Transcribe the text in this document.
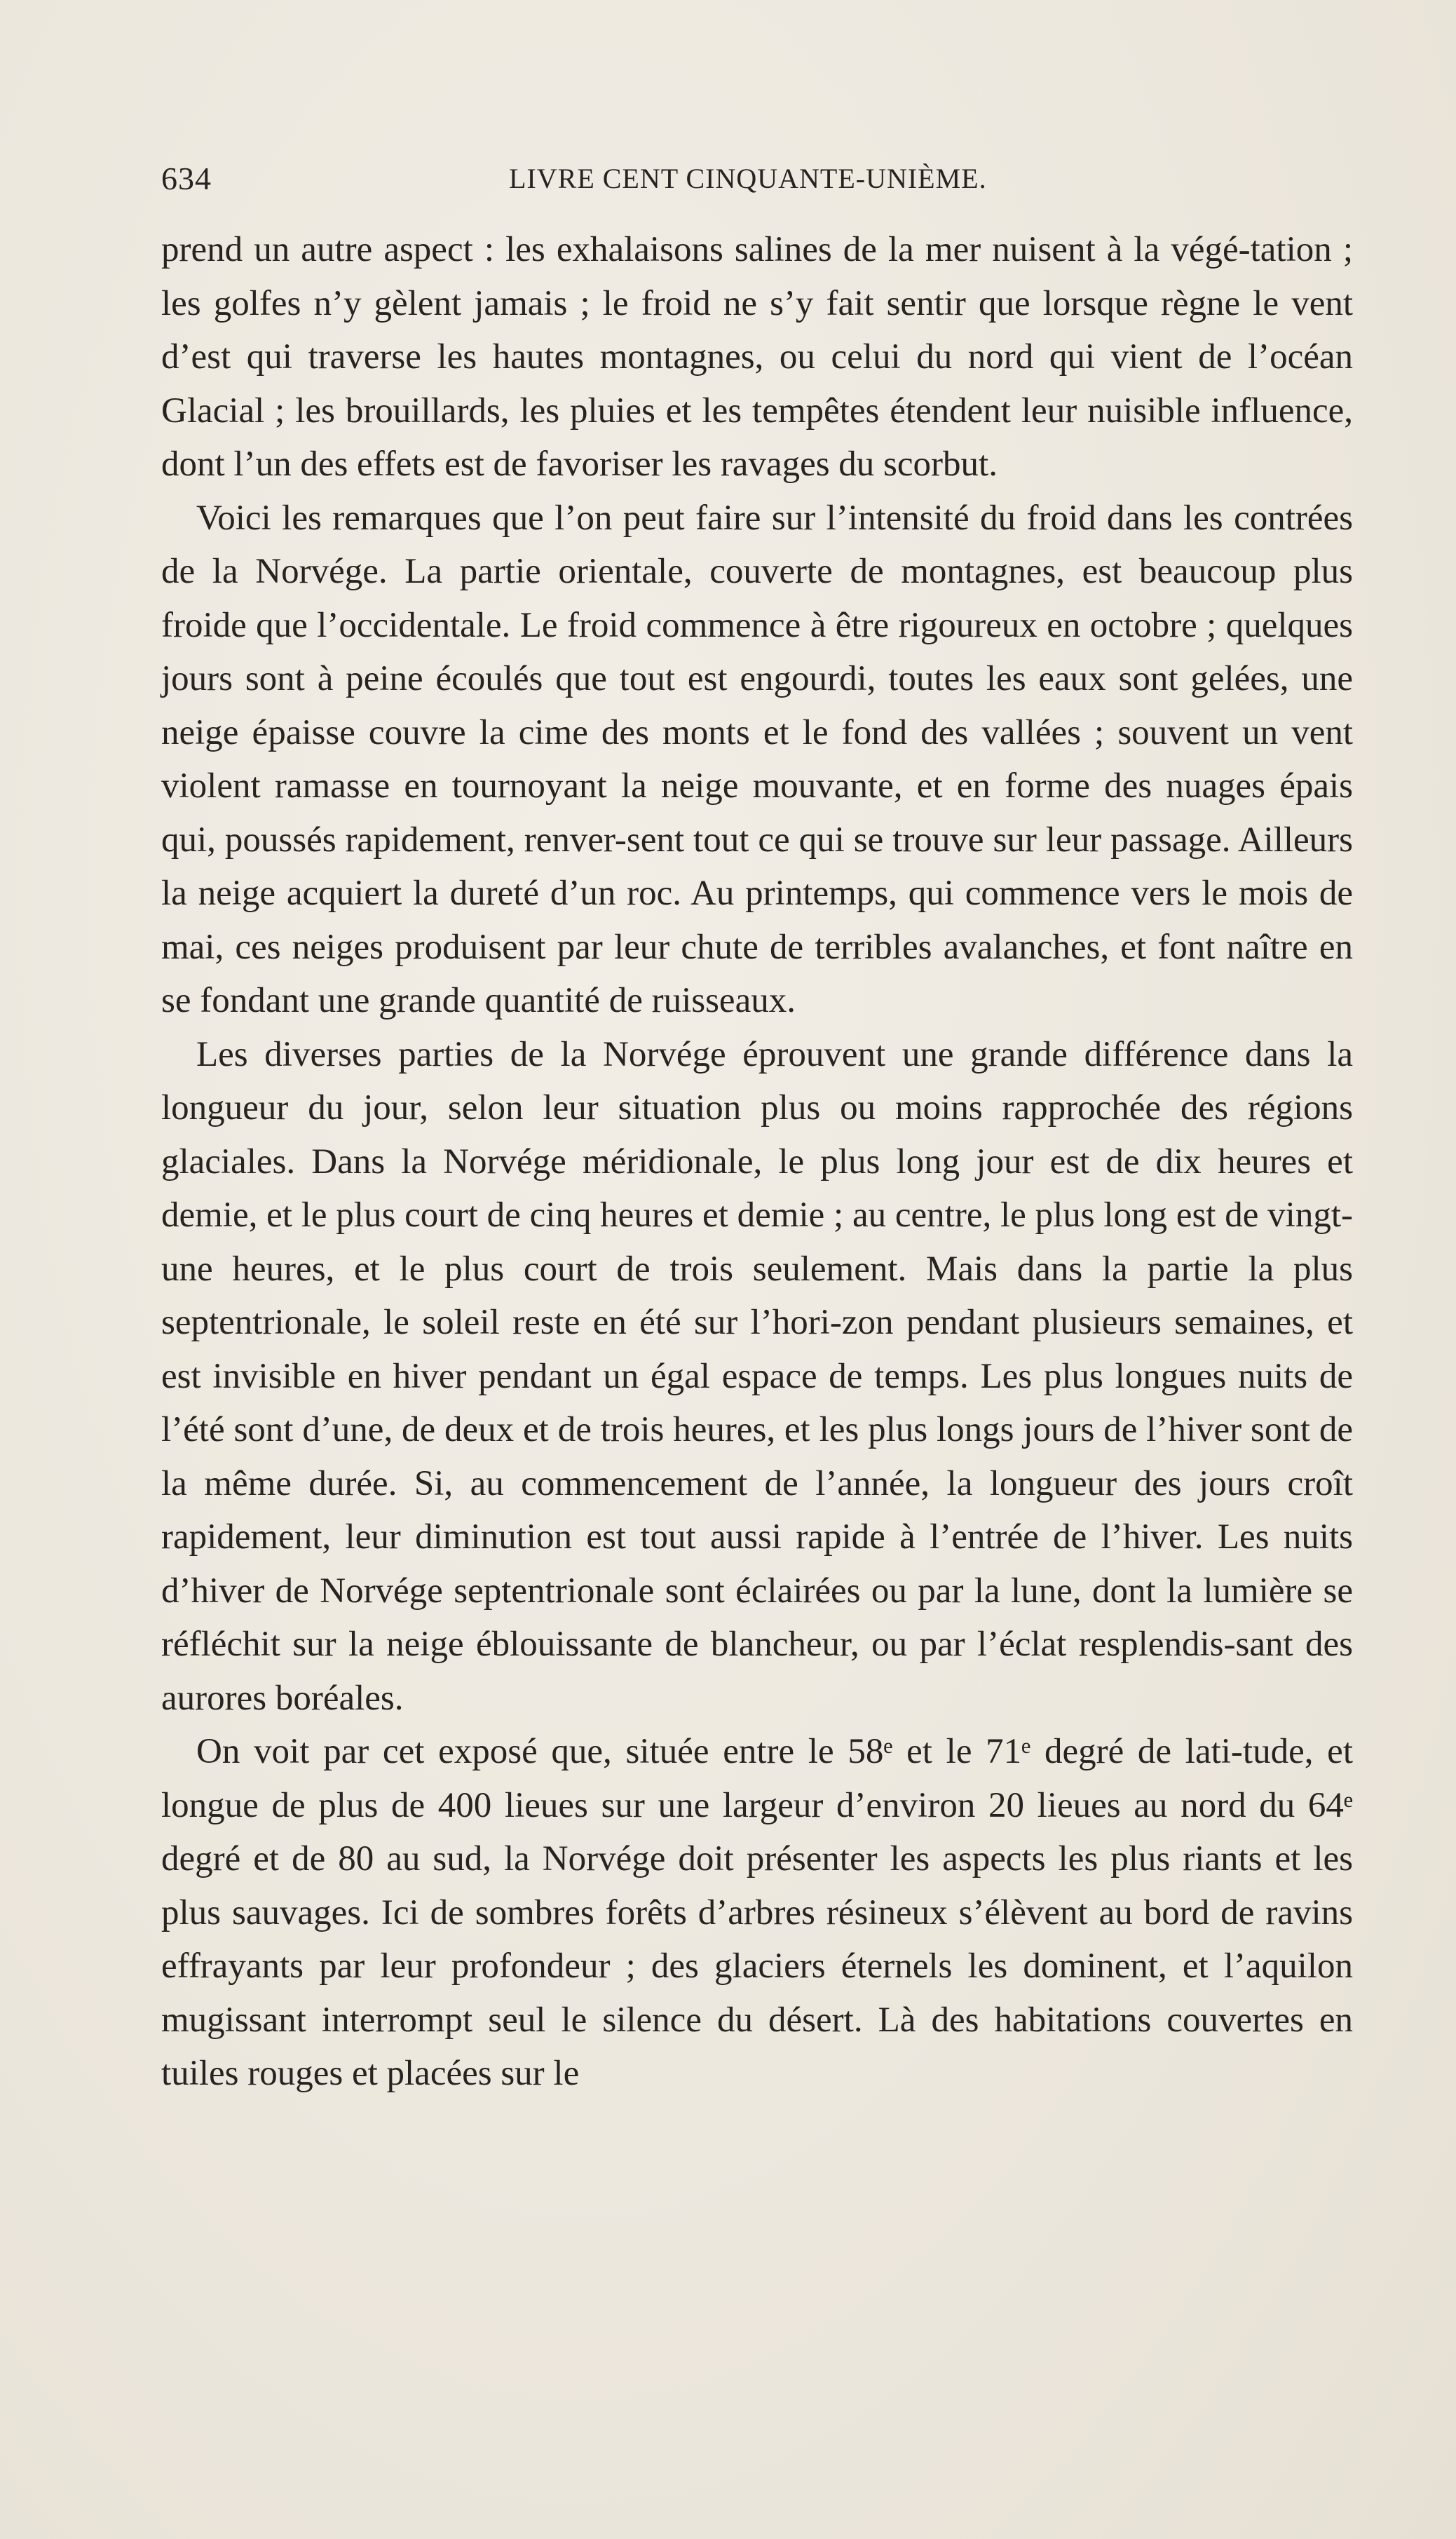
634	LIVRE CENT CINQUANTE-UNIÈME.

prend un autre aspect : les exhalaisons salines de la mer nuisent à la végé-tation ; les golfes n’y gèlent jamais ; le froid ne s’y fait sentir que lorsque règne le vent d’est qui traverse les hautes montagnes, ou celui du nord qui vient de l’océan Glacial ; les brouillards, les pluies et les tempêtes étendent leur nuisible influence, dont l’un des effets est de favoriser les ravages du scorbut.

Voici les remarques que l’on peut faire sur l’intensité du froid dans les contrées de la Norvége. La partie orientale, couverte de montagnes, est beaucoup plus froide que l’occidentale. Le froid commence à être rigoureux en octobre ; quelques jours sont à peine écoulés que tout est engourdi, toutes les eaux sont gelées, une neige épaisse couvre la cime des monts et le fond des vallées ; souvent un vent violent ramasse en tournoyant la neige mouvante, et en forme des nuages épais qui, poussés rapidement, renver-sent tout ce qui se trouve sur leur passage. Ailleurs la neige acquiert la dureté d’un roc. Au printemps, qui commence vers le mois de mai, ces neiges produisent par leur chute de terribles avalanches, et font naître en se fondant une grande quantité de ruisseaux.

Les diverses parties de la Norvége éprouvent une grande différence dans la longueur du jour, selon leur situation plus ou moins rapprochée des régions glaciales. Dans la Norvége méridionale, le plus long jour est de dix heures et demie, et le plus court de cinq heures et demie ; au centre, le plus long est de vingt-une heures, et le plus court de trois seulement. Mais dans la partie la plus septentrionale, le soleil reste en été sur l’hori-zon pendant plusieurs semaines, et est invisible en hiver pendant un égal espace de temps. Les plus longues nuits de l’été sont d’une, de deux et de trois heures, et les plus longs jours de l’hiver sont de la même durée. Si, au commencement de l’année, la longueur des jours croît rapidement, leur diminution est tout aussi rapide à l’entrée de l’hiver. Les nuits d’hiver de Norvége septentrionale sont éclairées ou par la lune, dont la lumière se réfléchit sur la neige éblouissante de blancheur, ou par l’éclat resplendis-sant des aurores boréales.

On voit par cet exposé que, située entre le 58ᵉ et le 71ᵉ degré de lati-tude, et longue de plus de 400 lieues sur une largeur d’environ 20 lieues au nord du 64ᵉ degré et de 80 au sud, la Norvége doit présenter les aspects les plus riants et les plus sauvages. Ici de sombres forêts d’arbres résineux s’élèvent au bord de ravins effrayants par leur profondeur ; des glaciers éternels les dominent, et l’aquilon mugissant interrompt seul le silence du désert. Là des habitations couvertes en tuiles rouges et placées sur le
